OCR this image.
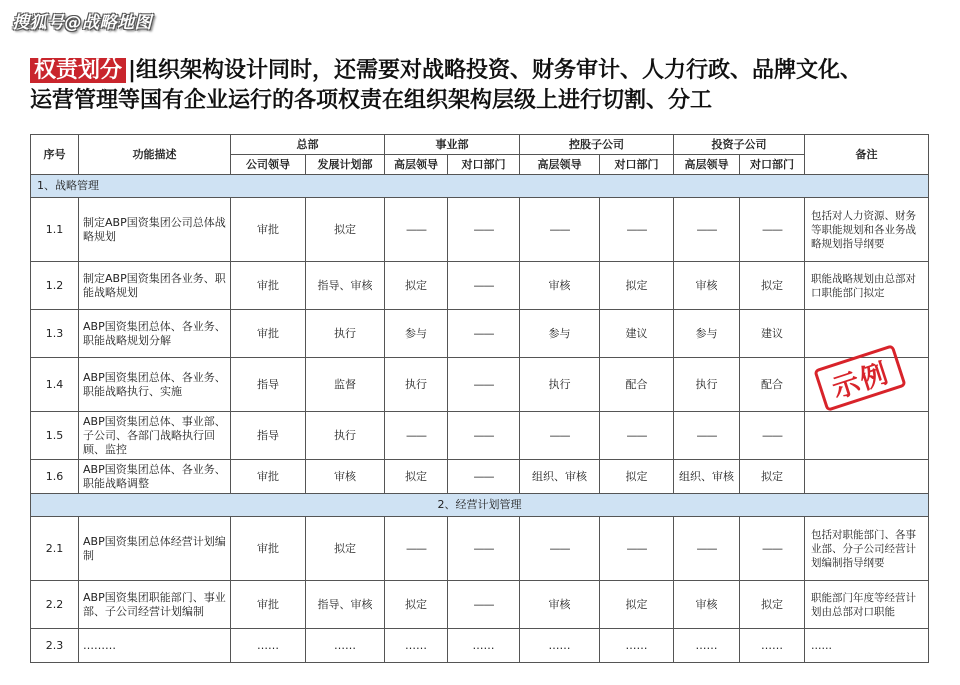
搜狐号@战略地图
权责划分 |组织架构设计同时，还需要对战略投资、财务审计、人力行政、品牌文化、
运营管理等国有企业运行的各项权责在组织架构层级上进行切割、分工
序号	功能描述	总部		事业部		控股子公司		投资子公司		备注
		公司领导	发展计划部	高层领导	对口部门	高层领导	对口部门	高层领导	对口部门	
1、战略管理										
1.1	制定ABP国资集团公司总体战略规划	审批	拟定	——	——	——	——	——	——	包括对人力资源、财务等职能规划和各业务战略规划指导纲要
1.2	制定ABP国资集团各业务、职能战略规划	审批	指导、审核	拟定	——	审核	拟定	审核	拟定	职能战略规划由总部对口职能部门拟定
1.3	ABP国资集团总体、各业务、职能战略规划分解	审批	执行	参与	——	参与	建议	参与	建议	
1.4	ABP国资集团总体、各业务、职能战略执行、实施	指导	监督	执行	——	执行	配合	执行	配合	
1.5	ABP国资集团总体、事业部、子公司、各部门战略执行回顾、监控	指导	执行	——	——	——	——	——	——	
1.6	ABP国资集团总体、各业务、职能战略调整	审批	审核	拟定	——	组织、审核	拟定	组织、审核	拟定	
2、经营计划管理										
2.1	ABP国资集团总体经营计划编制	审批	拟定	——	——	——	——	——	——	包括对职能部门、各事业部、分子公司经营计划编制指导纲要
2.2	ABP国资集团职能部门、事业部、子公司经营计划编制	审批	指导、审核	拟定	——	审核	拟定	审核	拟定	职能部门年度等经营计划由总部对口职能
2.3	………	……	……	……	……	……	……	……	……	……
示例
